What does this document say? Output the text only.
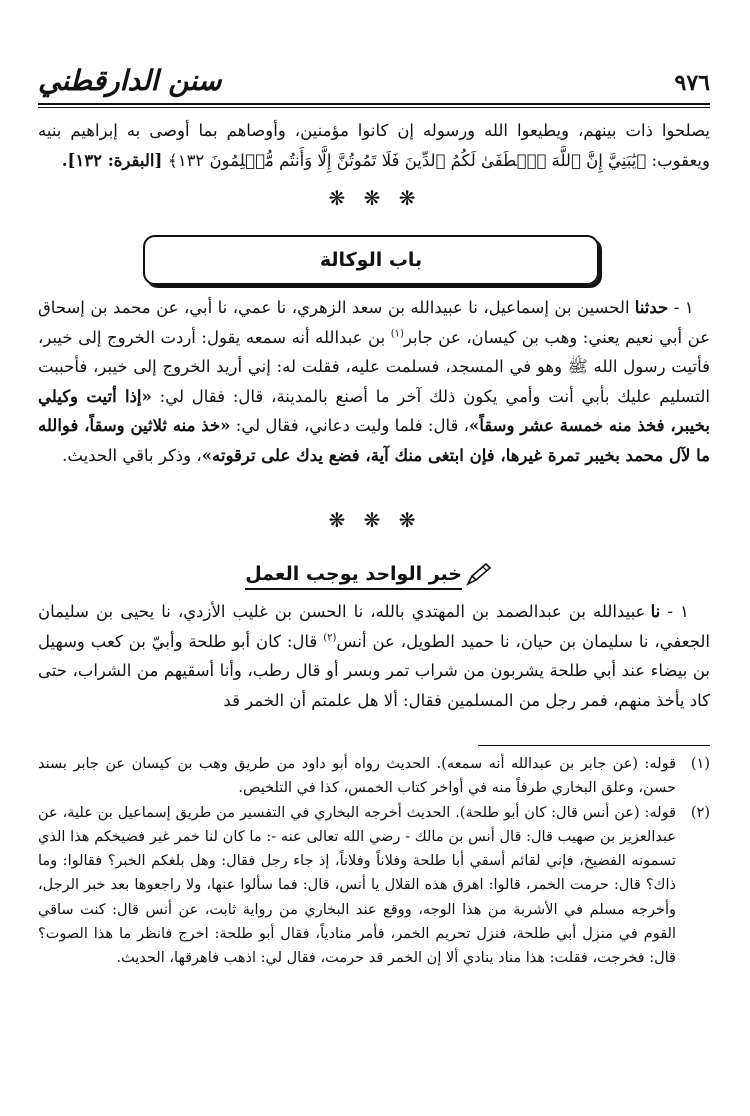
٩٧٦
سنن الدارقطني
يصلحوا ذات بينهم، ويطيعوا الله ورسوله إن كانوا مؤمنين، وأوصاهم بما أوصى به إبراهيم بنيه ويعقوب: ﴿يَٰبَنِيَّ إِنَّ ٱللَّهَ ٱصۡطَفَىٰ لَكُمُ ٱلدِّينَ فَلَا تَمُوتُنَّ إِلَّا وَأَنتُم مُّسۡلِمُونَ ١٣٢﴾ [البقرة: ١٣٢].
❋ ❋ ❋
باب الوكالة
١ - حدثنا الحسين بن إسماعيل، نا عبيدالله بن سعد الزهري، نا عمي، نا أبي، عن محمد بن إسحاق عن أبي نعيم يعني: وهب بن كيسان، عن جابر$^{(١)}$ بن عبدالله أنه سمعه يقول: أردت الخروج إلى خيبر، فأتيت رسول الله ﷺ وهو في المسجد، فسلمت عليه، فقلت له: إني أريد الخروج إلى خيبر، فأحببت التسليم عليك بأبي أنت وأمي يكون ذلك آخر ما أصنع بالمدينة، قال: فقال لي: «إذا أتيت وكيلي بخيبر، فخذ منه خمسة عشر وسقاً»، قال: فلما وليت دعاني، فقال لي: «خذ منه ثلاثين وسقاً، فوالله ما لآل محمد بخيبر تمرة غيرها، فإن ابتغى منك آية، فضع يدك على ترقوته»، وذكر باقي الحديث.
❋ ❋ ❋
خبر الواحد يوجب العمل
١ - نا عبيدالله بن عبدالصمد بن المهتدي بالله، نا الحسن بن غليب الأزدي، نا يحيى بن سليمان الجعفي، نا سليمان بن حيان، نا حميد الطويل، عن أنس$^{(٢)}$ قال: كان أبو طلحة وأبيّ بن كعب وسهيل بن بيضاء عند أبي طلحة يشربون من شراب تمر وبسر أو قال رطب، وأنا أسقيهم من الشراب، حتى كاد يأخذ منهم، فمر رجل من المسلمين فقال: ألا هل علمتم أن الخمر قد
(١)
قوله: (عن جابر بن عبدالله أنه سمعه). الحديث رواه أبو داود من طريق وهب بن كيسان عن جابر بسند حسن، وعلق البخاري طرفاً منه في أواخر كتاب الخمس، كذا في التلخيص.
(٢)
قوله: (عن أنس قال: كان أبو طلحة). الحديث أخرجه البخاري في التفسير من طريق إسماعيل بن علية، عن عبدالعزيز بن صهيب قال: قال أنس بن مالك - رضي الله تعالى عنه -: ما كان لنا خمر غير فضيخكم هذا الذي تسمونه الفضيخ، فإني لقائم أسقي أبا طلحة وفلاناً وفلاناً، إذ جاء رجل فقال: وهل بلغكم الخبر؟ فقالوا: وما ذاك؟ قال: حرمت الخمر، قالوا: اهرق هذه القلال يا أنس، قال: فما سألوا عنها، ولا راجعوها بعد خبر الرجل، وأخرجه مسلم في الأشربة من هذا الوجه، ووقع عند البخاري من رواية ثابت، عن أنس قال: كنت ساقي القوم في منزل أبي طلحة، فنزل تحريم الخمر، فأمر منادياً، فقال أبو طلحة: اخرج فانظر ما هذا الصوت؟ قال: فخرجت، فقلت: هذا مناد ينادي ألا إن الخمر قد حرمت، فقال لي: اذهب فاهرقها، الحديث.
